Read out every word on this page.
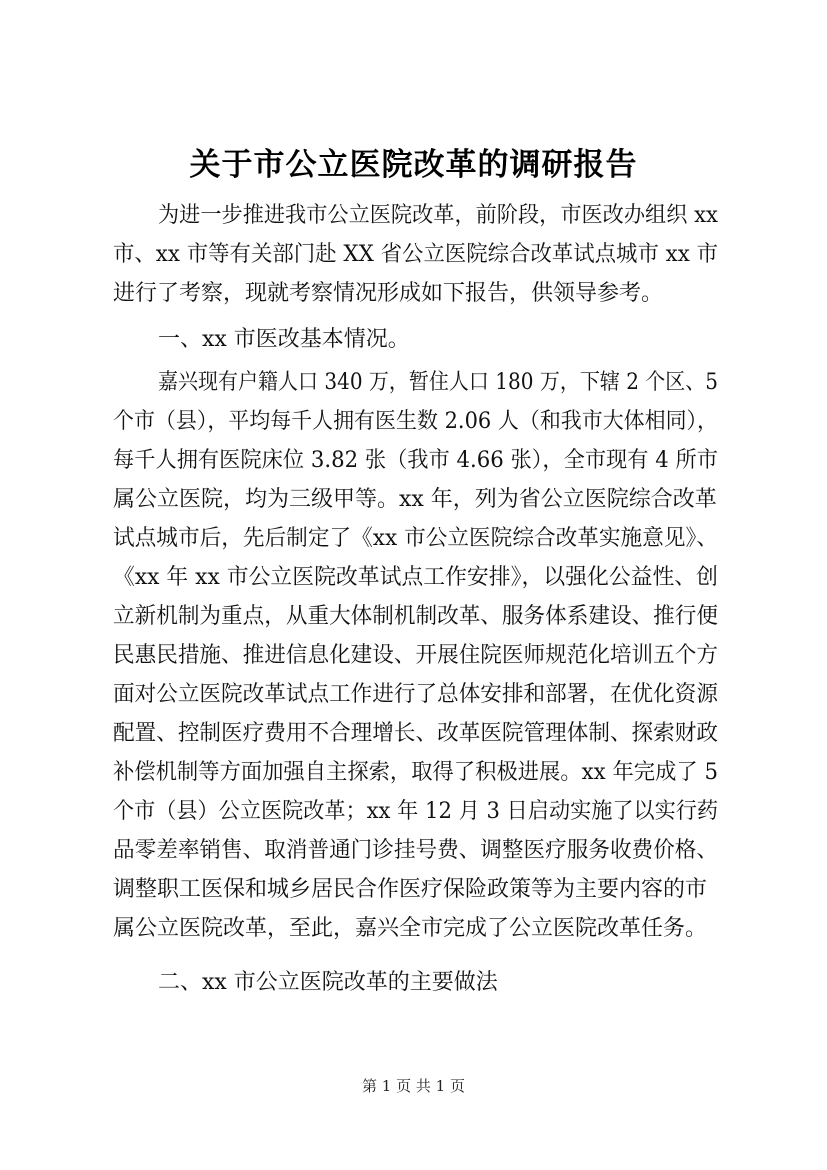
关于市公立医院改革的调研报告
为进一步推进我市公立医院改革，前阶段，市医改办组织 xx
市、xx 市等有关部门赴 XX 省公立医院综合改革试点城市 xx 市
进行了考察，现就考察情况形成如下报告，供领导参考。
一、xx 市医改基本情况。
嘉兴现有户籍人口 340 万，暂住人口 180 万，下辖 2 个区、5
个市（县），平均每千人拥有医生数 2.06 人（和我市大体相同），
每千人拥有医院床位 3.82 张（我市 4.66 张），全市现有 4 所市
属公立医院，均为三级甲等。xx 年，列为省公立医院综合改革
试点城市后，先后制定了《xx 市公立医院综合改革实施意见》、
《xx 年 xx 市公立医院改革试点工作安排》，以强化公益性、创
立新机制为重点，从重大体制机制改革、服务体系建设、推行便
民惠民措施、推进信息化建设、开展住院医师规范化培训五个方
面对公立医院改革试点工作进行了总体安排和部署，在优化资源
配置、控制医疗费用不合理增长、改革医院管理体制、探索财政
补偿机制等方面加强自主探索，取得了积极进展。xx 年完成了 5
个市（县）公立医院改革；xx 年 12 月 3 日启动实施了以实行药
品零差率销售、取消普通门诊挂号费、调整医疗服务收费价格、
调整职工医保和城乡居民合作医疗保险政策等为主要内容的市
属公立医院改革，至此，嘉兴全市完成了公立医院改革任务。
二、xx 市公立医院改革的主要做法
第 1 页 共 1 页
